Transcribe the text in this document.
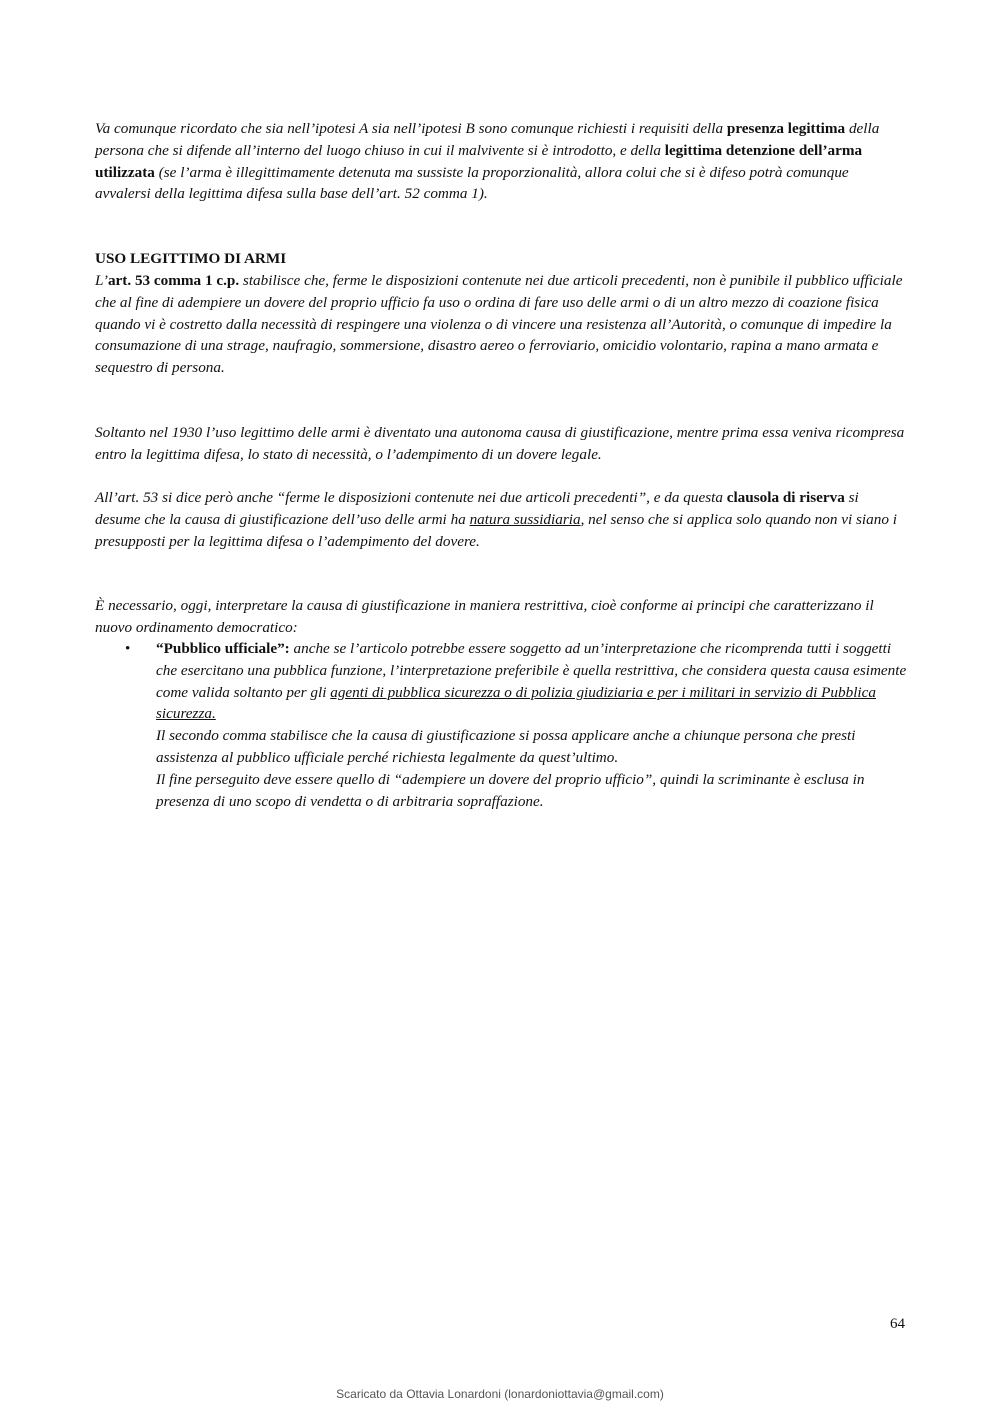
Va comunque ricordato che sia nell’ipotesi A sia nell’ipotesi B sono comunque richiesti i requisiti della presenza legittima della persona che si difende all’interno del luogo chiuso in cui il malvivente si è introdotto, e della legittima detenzione dell’arma utilizzata (se l’arma è illegittimamente detenuta ma sussiste la proporzionalità, allora colui che si è difeso potrà comunque avvalersi della legittima difesa sulla base dell’art. 52 comma 1).

USO LEGITTIMO DI ARMI

L’art. 53 comma 1 c.p. stabilisce che, ferme le disposizioni contenute nei due articoli precedenti, non è punibile il pubblico ufficiale che al fine di adempiere un dovere del proprio ufficio fa uso o ordina di fare uso delle armi o di un altro mezzo di coazione fisica quando vi è costretto dalla necessità di respingere una violenza o di vincere una resistenza all’Autorità, o comunque di impedire la consumazione di una strage, naufragio, sommersione, disastro aereo o ferroviario, omicidio volontario, rapina a mano armata e sequestro di persona.

Soltanto nel 1930 l’uso legittimo delle armi è diventato una autonoma causa di giustificazione, mentre prima essa veniva ricompresa entro la legittima difesa, lo stato di necessità, o l’adempimento di un dovere legale.

All’art. 53 si dice però anche “ferme le disposizioni contenute nei due articoli precedenti”, e da questa clausola di riserva si desume che la causa di giustificazione dell’uso delle armi ha natura sussidiaria, nel senso che si applica solo quando non vi siano i presupposti per la legittima difesa o l’adempimento del dovere.

È necessario, oggi, interpretare la causa di giustificazione in maniera restrittiva, cioè conforme ai principi che caratterizzano il nuovo ordinamento democratico:

• “Pubblico ufficiale”: anche se l’articolo potrebbe essere soggetto ad un’interpretazione che ricomprenda tutti i soggetti che esercitano una pubblica funzione, l’interpretazione preferibile è quella restrittiva, che considera questa causa esimente come valida soltanto per gli agenti di pubblica sicurezza o di polizia giudiziaria e per i militari in servizio di Pubblica sicurezza.
Il secondo comma stabilisce che la causa di giustificazione si possa applicare anche a chiunque persona che presti assistenza al pubblico ufficiale perché richiesta legalmente da quest’ultimo.
Il fine perseguito deve essere quello di “adempiere un dovere del proprio ufficio”, quindi la scriminante è esclusa in presenza di uno scopo di vendetta o di arbitraria sopraffazione.
64
Scaricato da Ottavia Lonardoni (lonardoniottavia@gmail.com)
